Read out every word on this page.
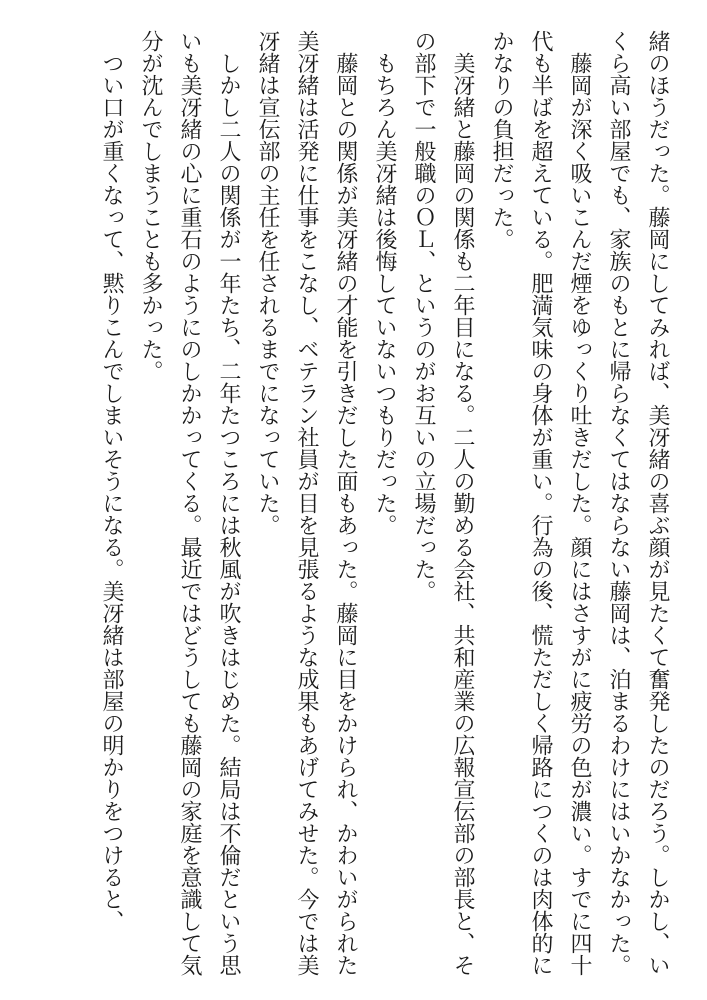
緒のほうだった。藤岡にしてみれば、美冴緒の喜ぶ顔が見たくて奮発したのだろう。しかし、いくら高い部屋でも、家族のもとに帰らなくてはならない藤岡は、泊まるわけにはいかなかった。

藤岡が深く吸いこんだ煙をゆっくり吐きだした。顔にはさすがに疲労の色が濃い。すでに四十代も半ばを超えている。肥満気味の身体が重い。行為の後、慌ただしく帰路につくのは肉体的にかなりの負担だった。

美冴緒と藤岡の関係も二年目になる。二人の勤める会社、共和産業の広報宣伝部の部長と、その部下で一般職のＯＬ、というのがお互いの立場だった。

もちろん美冴緒は後悔していないつもりだった。

藤岡との関係が美冴緒の才能を引きだした面もあった。藤岡に目をかけられ、かわいがられた美冴緒は活発に仕事をこなし、ベテラン社員が目を見張るような成果もあげてみせた。今では美冴緒は宣伝部の主任を任されるまでになっていた。

しかし二人の関係が一年たち、二年たつころには秋風が吹きはじめた。結局は不倫だという思いも美冴緒の心に重石のようにのしかかってくる。最近ではどうしても藤岡の家庭を意識して気分が沈んでしまうことも多かった。

つい口が重くなって、黙りこんでしまいそうになる。美冴緒は部屋の明かりをつけると、
